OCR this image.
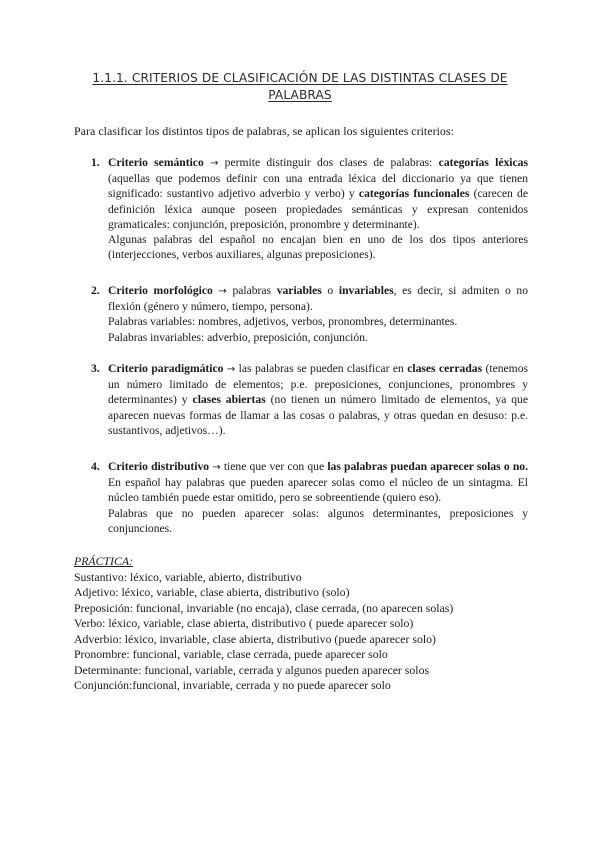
1.1.1. CRITERIOS DE CLASIFICACIÓN DE LAS DISTINTAS CLASES DE
PALABRAS
Para clasificar los distintos tipos de palabras, se aplican los siguientes criterios:
1. Criterio semántico → permite distinguir dos clases de palabras: categorías léxicas (aquellas que podemos definir con una entrada léxica del diccionario ya que tienen significado: sustantivo adjetivo adverbio y verbo) y categorías funcionales (carecen de definición léxica aunque poseen propiedades semánticas y expresan contenidos gramaticales: conjunción, preposición, pronombre y determinante).

Algunas palabras del español no encajan bien en uno de los dos tipos anteriores (interjecciones, verbos auxiliares, algunas preposiciones).

2. Criterio morfológico → palabras variables o invariables, es decir, si admiten o no flexión (género y número, tiempo, persona).

Palabras variables: nombres, adjetivos, verbos, pronombres, determinantes.

Palabras invariables: adverbio, preposición, conjunción.

3. Criterio paradigmático → las palabras se pueden clasificar en clases cerradas (tenemos un número limitado de elementos; p.e. preposiciones, conjunciones, pronombres y determinantes) y clases abiertas (no tienen un número limitado de elementos, ya que aparecen nuevas formas de llamar a las cosas o palabras, y otras quedan en desuso: p.e. sustantivos, adjetivos…).

4. Criterio distributivo → tiene que ver con que las palabras puedan aparecer solas o no. En español hay palabras que pueden aparecer solas como el núcleo de un sintagma. El núcleo también puede estar omitido, pero se sobreentiende (quiero eso).

Palabras que no pueden aparecer solas: algunos determinantes, preposiciones y conjunciones.

PRÁCTICA:
Sustantivo: léxico, variable, abierto, distributivo
Adjetivo: léxico, variable, clase abierta, distributivo (solo)
Preposición: funcional, invariable (no encaja), clase cerrada, (no aparecen solas)
Verbo: léxico, variable, clase abierta, distributivo ( puede aparecer solo)
Adverbio: léxico, invariable, clase abierta, distributivo (puede aparecer solo)
Pronombre: funcional, variable, clase cerrada, puede aparecer solo
Determinante: funcional, variable, cerrada y algunos pueden aparecer solos
Conjunción:funcional, invariable, cerrada y no puede aparecer solo
